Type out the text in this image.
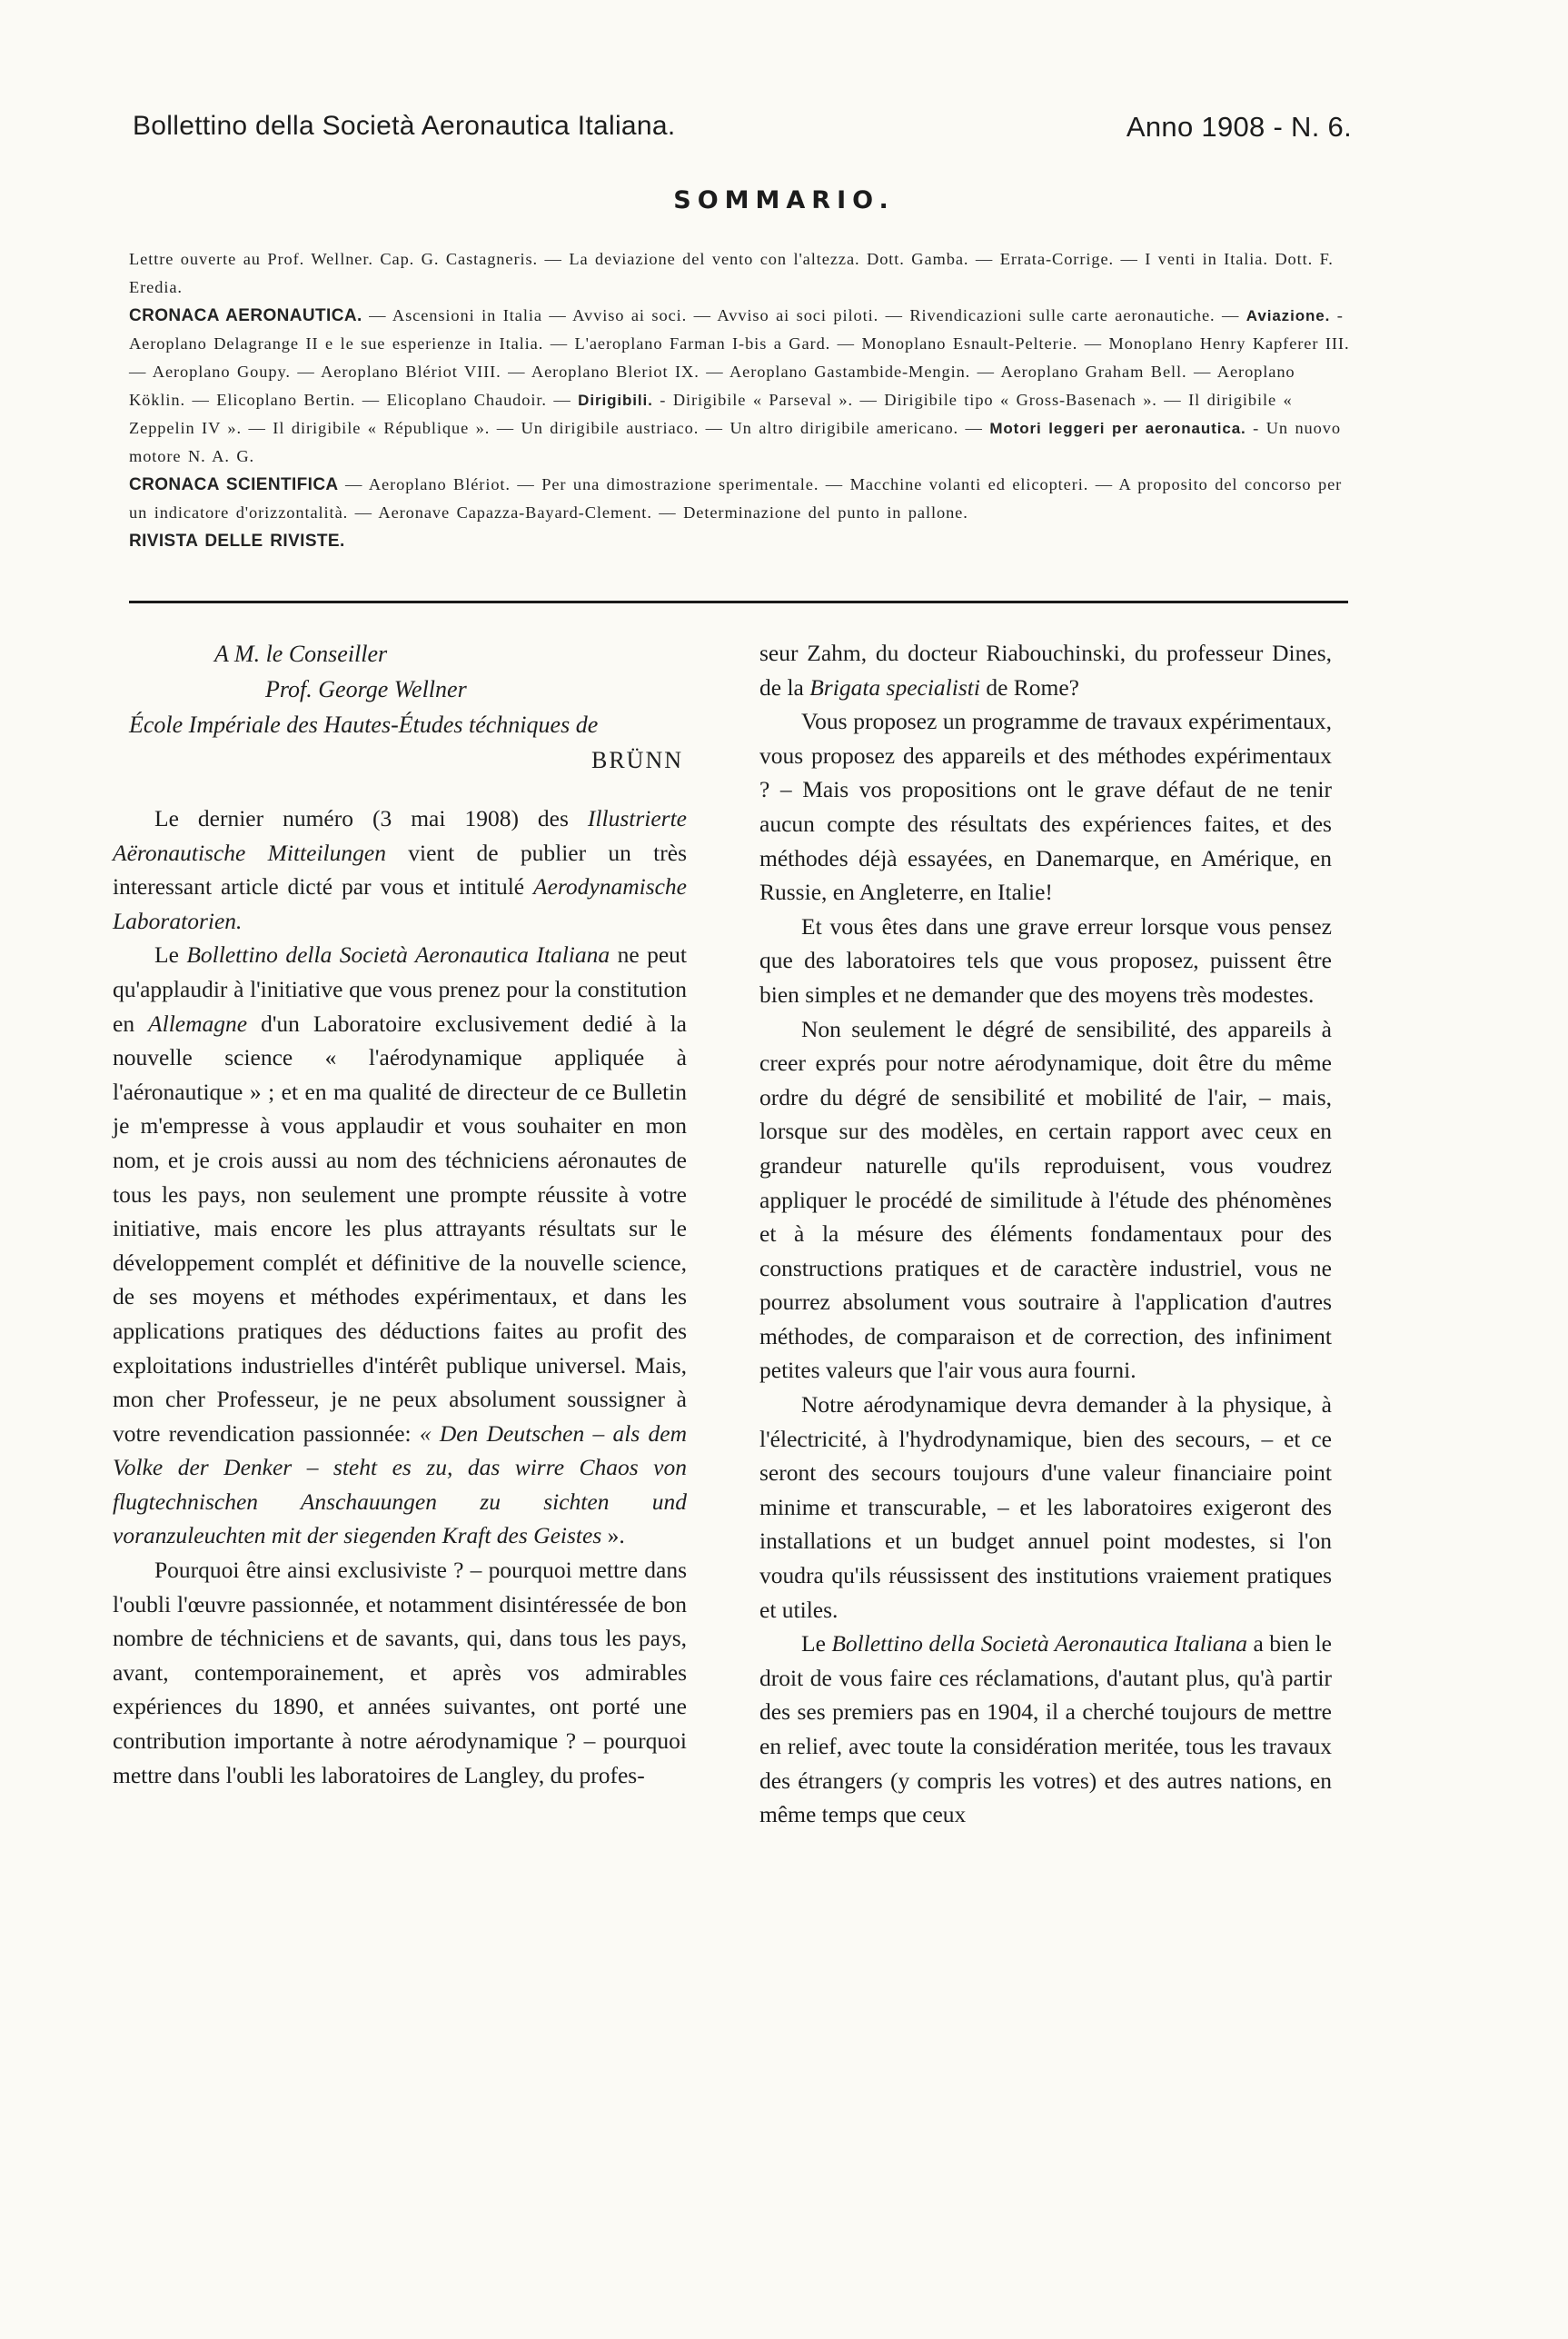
Bollettino della Società Aeronautica Italiana.	Anno 1908 - N. 6.
SOMMARIO.

Lettre ouverte au Prof. Wellner. Cap. G. Castagneris. — La deviazione del vento con l'altezza. Dott. Gamba. — Errata-Corrige. — I venti in Italia. Dott. F. Eredia.

CRONACA AERONAUTICA. — Ascensioni in Italia — Avviso ai soci. — Avviso ai soci piloti. — Rivendicazioni sulle carte aeronautiche. — Aviazione. - Aeroplano Delagrange II e le sue esperienze in Italia. — L'aeroplano Farman I-bis a Gard. — Monoplano Esnault-Pelterie. — Monoplano Henry Kapferer III. — Aeroplano Goupy. — Aeroplano Blériot VIII. — Aeroplano Bleriot IX. — Aeroplano Gastambide-Mengin. — Aeroplano Graham Bell. — Aeroplano Köklin. — Elicoplano Bertin. — Elicoplano Chaudoir. — Dirigibili. - Dirigibile « Parseval ». — Dirigibile tipo « Gross-Basenach ». — Il dirigibile « Zeppelin IV ». — Il dirigibile « République ». — Un dirigibile austriaco. — Un altro dirigibile americano. — Motori leggeri per aeronautica. - Un nuovo motore N. A. G.

CRONACA SCIENTIFICA — Aeroplano Blériot. — Per una dimostrazione sperimentale. — Macchine volanti ed elicopteri. — A proposito del concorso per un indicatore d'orizzontalità. — Aeronave Capazza-Bayard-Clement. — Determinazione del punto in pallone.

RIVISTA DELLE RIVISTE.

A M. le Conseiller
Prof. George Wellner
École Impériale des Hautes-Études téchniques de
BRÜNN

Le dernier numéro (3 mai 1908) des Illustrierte Aëronautische Mitteilungen vient de publier un très interessant article dicté par vous et intitulé Aerodynamische Laboratorien.

Le Bollettino della Società Aeronautica Italiana ne peut qu'applaudir à l'initiative que vous prenez pour la constitution en Allemagne d'un Laboratoire exclusivement dedié à la nouvelle science « l'aérodynamique appliquée à l'aéronautique » ; et en ma qualité de directeur de ce Bulletin je m'empresse à vous applaudir et vous souhaiter en mon nom, et je crois aussi au nom des téchniciens aéronautes de tous les pays, non seulement une prompte réussite à votre initiative, mais encore les plus attrayants résultats sur le développement complét et définitive de la nouvelle science, de ses moyens et méthodes expérimentaux, et dans les applications pratiques des déductions faites au profit des exploitations industrielles d'intérêt publique universel. Mais, mon cher Professeur, je ne peux absolument soussigner à votre revendication passionnée: « Den Deutschen – als dem Volke der Denker – steht es zu, das wirre Chaos von flugtechnischen Anschauungen zu sichten und voranzuleuchten mit der siegenden Kraft des Geistes ».

Pourquoi être ainsi exclusiviste ? – pourquoi mettre dans l'oubli l'œuvre passionnée, et notamment disintéressée de bon nombre de téchniciens et de savants, qui, dans tous les pays, avant, contemporainement, et après vos admirables expériences du 1890, et années suivantes, ont porté une contribution importante à notre aérodynamique ? – pourquoi mettre dans l'oubli les laboratoires de Langley, du profes-

seur Zahm, du docteur Riabouchinski, du professeur Dines, de la Brigata specialisti de Rome?

Vous proposez un programme de travaux expérimentaux, vous proposez des appareils et des méthodes expérimentaux ? – Mais vos propositions ont le grave défaut de ne tenir aucun compte des résultats des expériences faites, et des méthodes déjà essayées, en Danemarque, en Amérique, en Russie, en Angleterre, en Italie!

Et vous êtes dans une grave erreur lorsque vous pensez que des laboratoires tels que vous proposez, puissent être bien simples et ne demander que des moyens très modestes.

Non seulement le dégré de sensibilité, des appareils à creer exprés pour notre aérodynamique, doit être du même ordre du dégré de sensibilité et mobilité de l'air, – mais, lorsque sur des modèles, en certain rapport avec ceux en grandeur naturelle qu'ils reproduisent, vous voudrez appliquer le procédé de similitude à l'étude des phénomènes et à la mésure des éléments fondamentaux pour des constructions pratiques et de caractère industriel, vous ne pourrez absolument vous soutraire à l'application d'autres méthodes, de comparaison et de correction, des infiniment petites valeurs que l'air vous aura fourni.

Notre aérodynamique devra demander à la physique, à l'électricité, à l'hydrodynamique, bien des secours, – et ce seront des secours toujours d'une valeur financiaire point minime et transcurable, – et les laboratoires exigeront des installations et un budget annuel point modestes, si l'on voudra qu'ils réussissent des institutions vraiement pratiques et utiles.

Le Bollettino della Società Aeronautica Italiana a bien le droit de vous faire ces réclamations, d'autant plus, qu'à partir des ses premiers pas en 1904, il a cherché toujours de mettre en relief, avec toute la considération meritée, tous les travaux des étrangers (y compris les votres) et des autres nations, en même temps que ceux
